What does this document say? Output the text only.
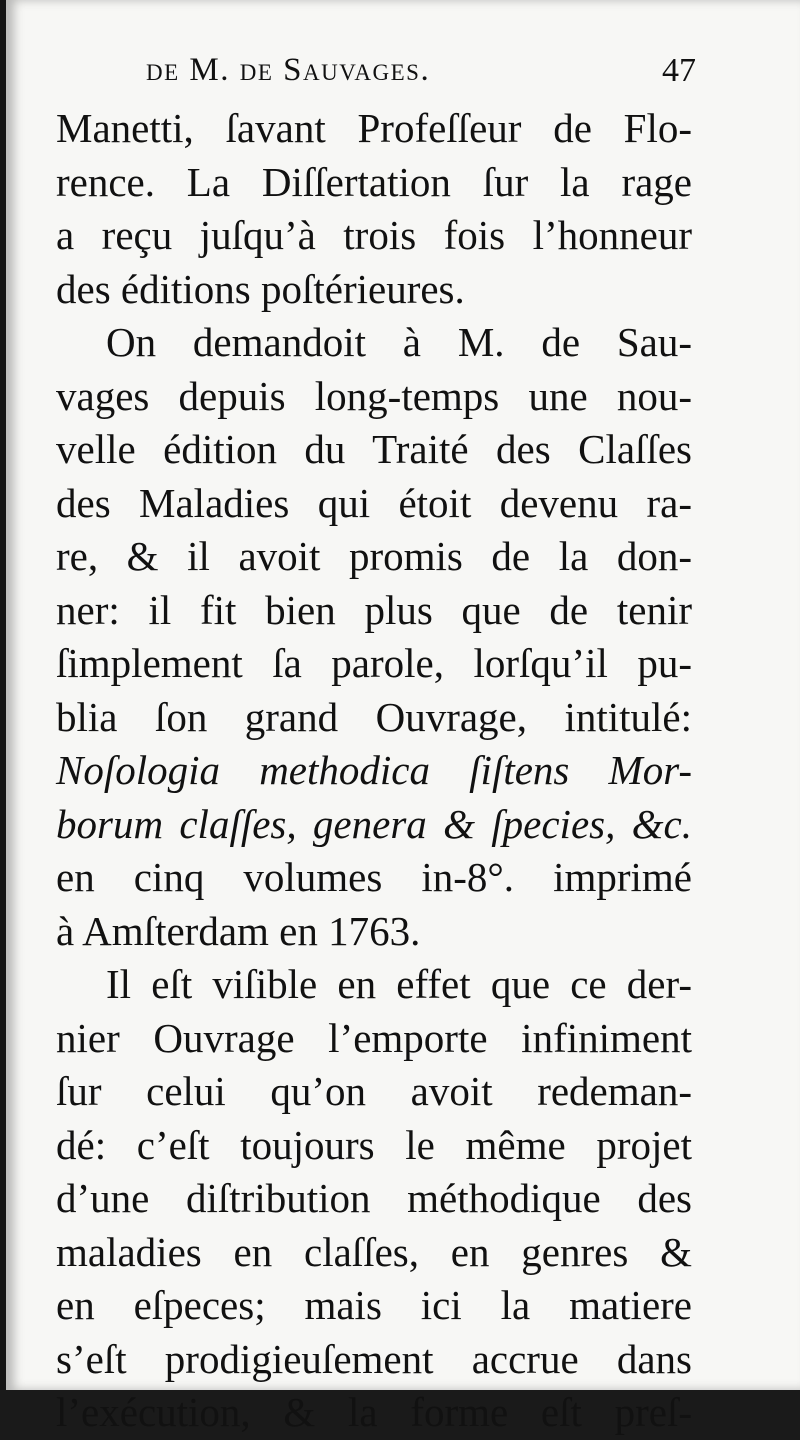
de M. de Sauvages.	47
Manetti, ſavant Profeſſeur de Flo-
rence. La Diſſertation ſur la rage
a reçu juſqu’à trois fois l’honneur
des éditions poſtérieures.
On demandoit à M. de Sau-
vages depuis long-temps une nou-
velle édition du Traité des Claſſes
des Maladies qui étoit devenu ra-
re, & il avoit promis de la don-
ner: il fit bien plus que de tenir
ſimplement ſa parole, lorſqu’il pu-
blia ſon grand Ouvrage, intitulé:
Noſologia methodica ſiſtens Mor-
borum claſſes, genera & ſpecies, &c.
en cinq volumes in-8°. imprimé
à Amſterdam en 1763.
Il eſt viſible en effet que ce der-
nier Ouvrage l’emporte infiniment
ſur celui qu’on avoit redeman-
dé: c’eſt toujours le même projet
d’une diſtribution méthodique des
maladies en claſſes, en genres &
en eſpeces; mais ici la matiere
s’eſt prodigieuſement accrue dans
l’exécution, & la forme eſt preſ-
